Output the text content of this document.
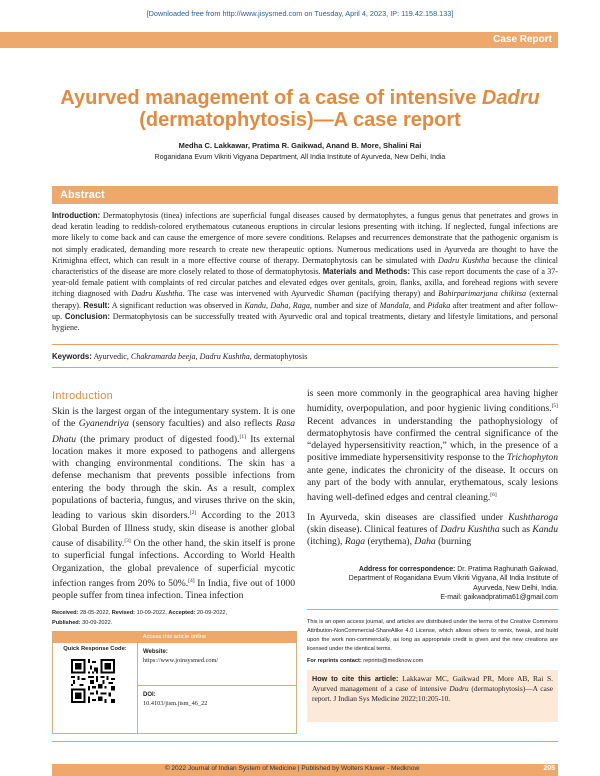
[Downloaded free from http://www.jisysmed.com on Tuesday, April 4, 2023, IP: 119.42.158.133]
Case Report
Ayurved management of a case of intensive Dadru
(dermatophytosis)—A case report
Medha C. Lakkawar, Pratima R. Gaikwad, Anand B. More, Shalini Rai
Roganidana Evum Vikriti Vigyana Department, All India Institute of Ayurveda, New Delhi, India
Abstract
Introduction: Dermatophytosis (tinea) infections are superficial fungal diseases caused by dermatophytes, a fungus genus that penetrates and grows in dead keratin leading to reddish-colored erythematous cutaneous eruptions in circular lesions presenting with itching. If neglected, fungal infections are more likely to come back and can cause the emergence of more severe conditions. Relapses and recurrences demonstrate that the pathogenic organism is not simply eradicated, demanding more research to create new therapeutic options. Numerous medications used in Ayurveda are thought to have the Krimighna effect, which can result in a more effective course of therapy. Dermatophytosis can be simulated with Dadru Kushtha because the clinical characteristics of the disease are more closely related to those of dermatophytosis. Materials and Methods: This case report documents the case of a 37-year-old female patient with complaints of red circular patches and elevated edges over genitals, groin, flanks, axilla, and forehead regions with severe itching diagnosed with Dadru Kushtha. The case was intervened with Ayurvedic Shaman (pacifying therapy) and Bahirparimarjana chikitsa (external therapy). Result: A significant reduction was observed in Kandu, Daha, Raga, number and size of Mandala, and Pidaka after treatment and after follow-up. Conclusion: Dermatophytosis can be successfully treated with Ayurvedic oral and topical treatments, dietary and lifestyle limitations, and personal hygiene.
Keywords: Ayurvedic, Chakramarda beeja, Dadru Kushtha, dermatophytosis
Introduction

Skin is the largest organ of the integumentary system. It is one of the Gyanendriya (sensory faculties) and also reflects Rasa Dhatu (the primary product of digested food).[1] Its external location makes it more exposed to pathogens and allergens with changing environmental conditions. The skin has a defense mechanism that prevents possible infections from entering the body through the skin. As a result, complex populations of bacteria, fungus, and viruses thrive on the skin, leading to various skin disorders.[2] According to the 2013 Global Burden of Illness study, skin disease is another global cause of disability.[3] On the other hand, the skin itself is prone to superficial fungal infections. According to World Health Organization, the global prevalence of superficial mycotic infection ranges from 20% to 50%.[4] In India, five out of 1000 people suffer from tinea infection. Tinea infection

is seen more commonly in the geographical area having higher humidity, overpopulation, and poor hygienic living conditions.[5] Recent advances in understanding the pathophysiology of dermatophytosis have confirmed the central significance of the “delayed hypersensitivity reaction,” which, in the presence of a positive immediate hypersensitivity response to the Trichophyton ante gene, indicates the chronicity of the disease. It occurs on any part of the body with annular, erythematous, scaly lesions having well-defined edges and central cleaning.[6]

In Ayurveda, skin diseases are classified under Kushtharoga (skin disease). Clinical features of Dadru Kushtha such as Kandu (itching), Raga (erythema), Daha (burning

Address for correspondence: Dr. Pratima Raghunath Gaikwad,
Department of Roganidana Evum Vikriti Vigyana, All India Institute of
Ayurveda, New Delhi, India.
E-mail: gaikwadpratima61@gmail.com
This is an open access journal, and articles are distributed under the terms of the Creative Commons Attribution-NonCommercial-ShareAlike 4.0 License, which allows others to remix, tweak, and build upon the work non-commercially, as long as appropriate credit is given and the new creations are licensed under the identical terms.
For reprints contact: reprints@medknow.com
How to cite this article: Lakkawar MC, Gaikwad PR, More AB, Rai S. Ayurved management of a case of intensive Dadru (dermatophytosis)—A case report. J Indian Sys Medicine 2022;10:205-10.
Received: 28-05-2022, Revised: 10-09-2022, Accepted: 20-09-2022,
Published: 30-09-2022.
Access this article online
Quick Response Code:	Website:
https://www.joinsysmed.com/
DOI:
10.4103/jism.jism_46_22
© 2022 Journal of Indian System of Medicine | Published by Wolters Kluwer - Medknow	205
